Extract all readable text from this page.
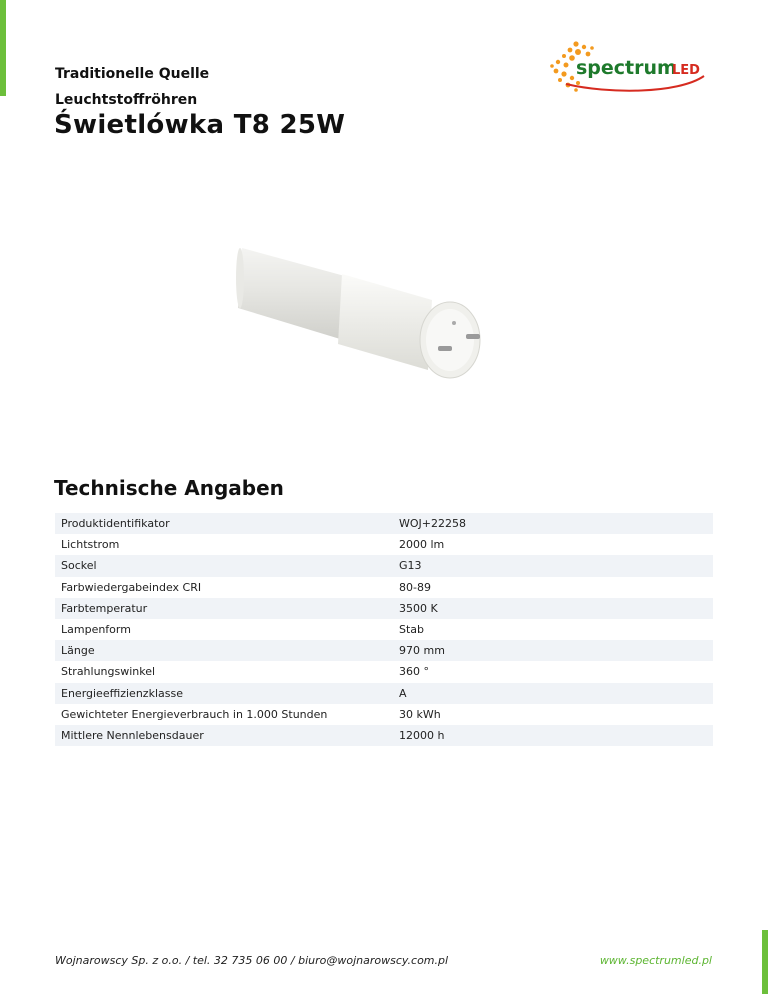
Traditionelle Quelle
Leuchtstoffröhren
Świetlówka T8 25W
spectrum
LED
Technische Angaben
Produktidentifikator	WOJ+22258
Lichtstrom	2000 lm
Sockel	G13
Farbwiedergabeindex CRI	80-89
Farbtemperatur	3500 K
Lampenform	Stab
Länge	970 mm
Strahlungswinkel	360 °
Energieeffizienzklasse	A
Gewichteter Energieverbrauch in 1.000 Stunden	30 kWh
Mittlere Nennlebensdauer	12000 h
Wojnarowscy Sp. z o.o. / tel. 32 735 06 00 / biuro@wojnarowscy.com.pl	www.spectrumled.pl
